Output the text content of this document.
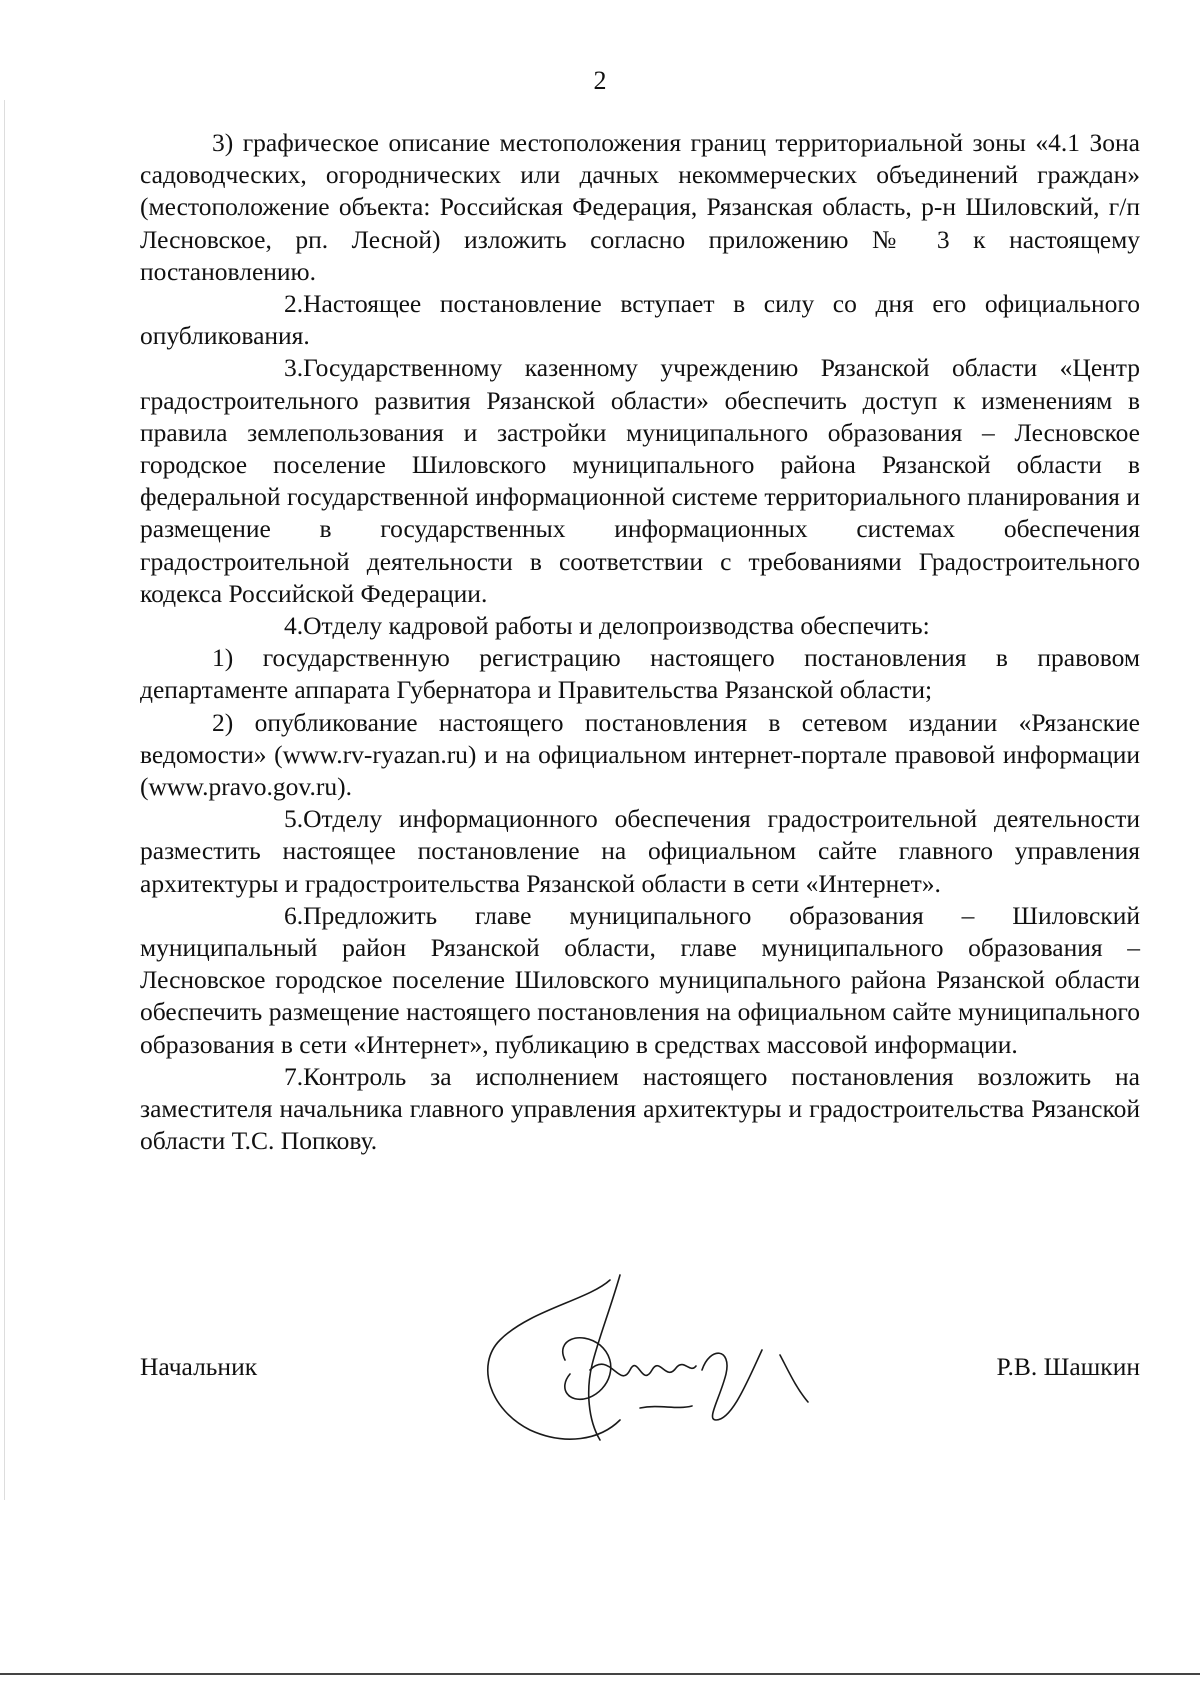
2

3) графическое описание местоположения границ территориальной зоны «4.1 Зона садоводческих, огороднических или дачных некоммерческих объединений граждан» (местоположение объекта: Российская Федерация, Рязанская область, р-н Шиловский, г/п Лесновское, рп. Лесной) изложить согласно приложению № 3 к настоящему постановлению.

2.Настоящее постановление вступает в силу со дня его официального опубликования.

3.Государственному казенному учреждению Рязанской области «Центр градостроительного развития Рязанской области» обеспечить доступ к изменениям в правила землепользования и застройки муниципального образования – Лесновское городское поселение Шиловского муниципального района Рязанской области в федеральной государственной информационной системе территориального планирования и размещение в государственных информационных системах обеспечения градостроительной деятельности в соответствии с требованиями Градостроительного кодекса Российской Федерации.

4.Отделу кадровой работы и делопроизводства обеспечить:

1) государственную регистрацию настоящего постановления в правовом департаменте аппарата Губернатора и Правительства Рязанской области;

2) опубликование настоящего постановления в сетевом издании «Рязанские ведомости» (www.rv-ryazan.ru) и на официальном интернет-портале правовой информации (www.pravo.gov.ru).

5.Отделу информационного обеспечения градостроительной деятельности разместить настоящее постановление на официальном сайте главного управления архитектуры и градостроительства Рязанской области в сети «Интернет».

6.Предложить главе муниципального образования – Шиловский муниципальный район Рязанской области, главе муниципального образования – Лесновское городское поселение Шиловского муниципального района Рязанской области обеспечить размещение настоящего постановления на официальном сайте муниципального образования в сети «Интернет», публикацию в средствах массовой информации.

7.Контроль за исполнением настоящего постановления возложить на заместителя начальника главного управления архитектуры и градостроительства Рязанской области Т.С. Попкову.

Начальник	Р.В. Шашкин
